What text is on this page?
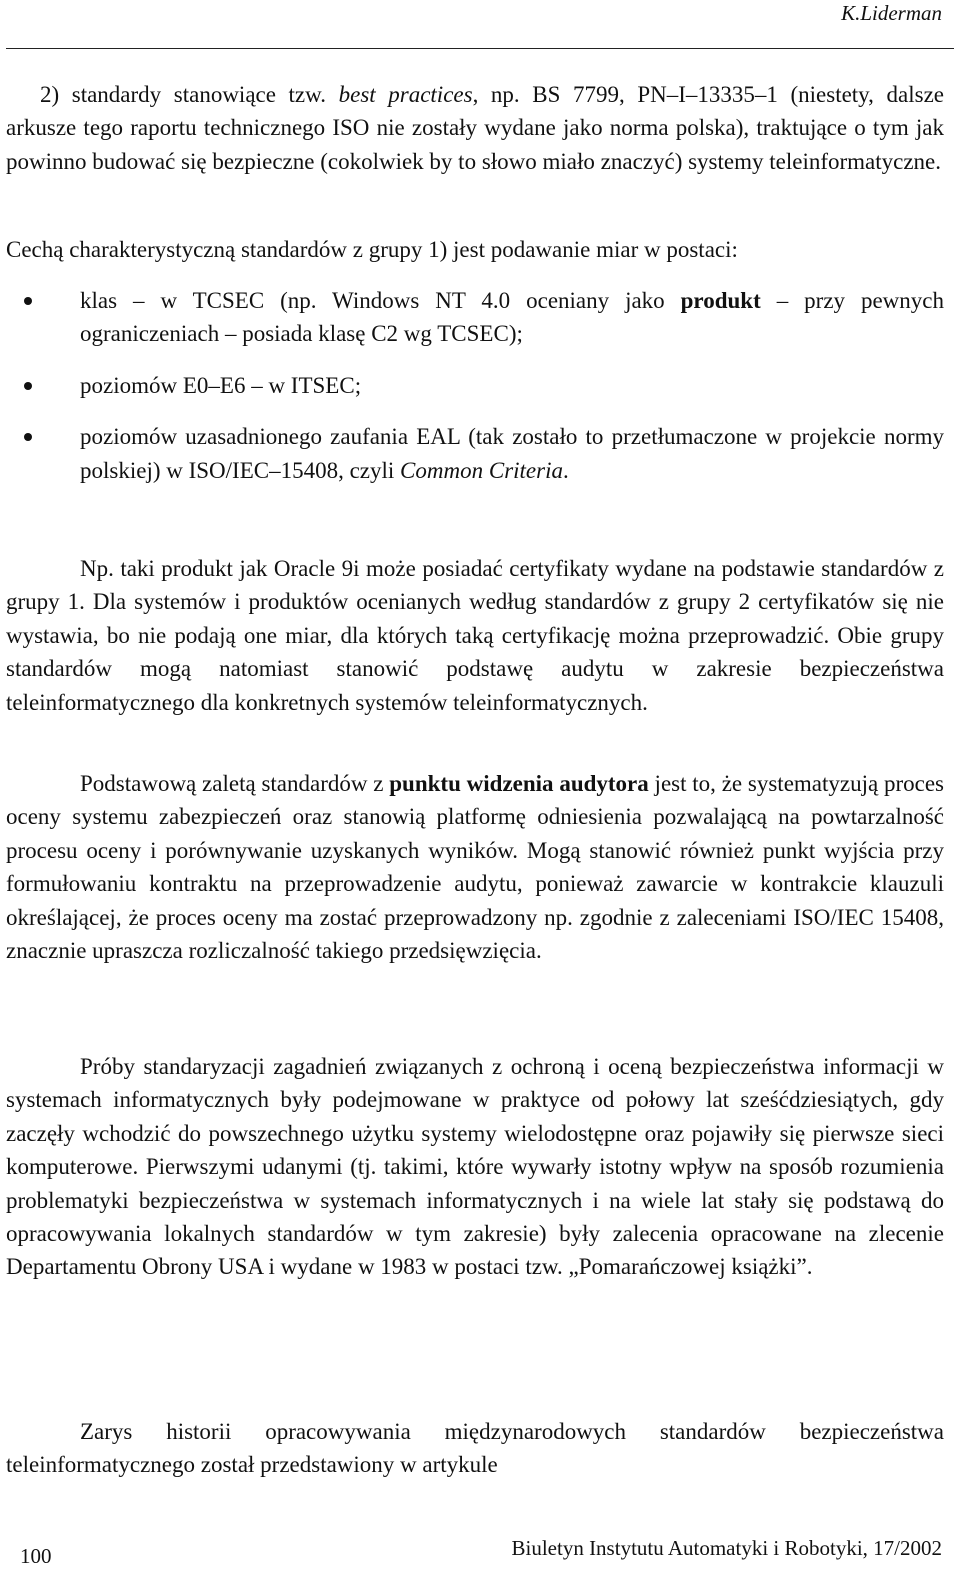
K.Liderman

2) standardy stanowiące tzw. best practices, np. BS 7799, PN–I–13335–1 (niestety, dalsze arkusze tego raportu technicznego ISO nie zostały wydane jako norma polska), traktujące o tym jak powinno budować się bezpieczne (cokolwiek by to słowo miało znaczyć) systemy teleinformatyczne.

Cechą charakterystyczną standardów z grupy 1) jest podawanie miar w postaci:

klas – w TCSEC (np. Windows NT 4.0 oceniany jako produkt – przy pewnych ograniczeniach – posiada klasę C2 wg TCSEC);
poziomów E0–E6 – w ITSEC;
poziomów uzasadnionego zaufania EAL (tak zostało to przetłumaczone w projekcie normy polskiej) w ISO/IEC–15408, czyli Common Criteria.

Np. taki produkt jak Oracle 9i może posiadać certyfikaty wydane na podstawie standardów z grupy 1. Dla systemów i produktów ocenianych według standardów z grupy 2 certyfikatów się nie wystawia, bo nie podają one miar, dla których taką certyfikację można przeprowadzić. Obie grupy standardów mogą natomiast stanowić podstawę audytu w zakresie bezpieczeństwa teleinformatycznego dla konkretnych systemów teleinformatycznych.

Podstawową zaletą standardów z punktu widzenia audytora jest to, że systematyzują proces oceny systemu zabezpieczeń oraz stanowią platformę odniesienia pozwalającą na powtarzalność procesu oceny i porównywanie uzyskanych wyników. Mogą stanowić również punkt wyjścia przy formułowaniu kontraktu na przeprowadzenie audytu, ponieważ zawarcie w kontrakcie klauzuli określającej, że proces oceny ma zostać przeprowadzony np. zgodnie z zaleceniami ISO/IEC 15408, znacznie upraszcza rozliczalność takiego przedsięwzięcia.

Próby standaryzacji zagadnień związanych z ochroną i oceną bezpieczeństwa informacji w systemach informatycznych były podejmowane w praktyce od połowy lat sześćdziesiątych, gdy zaczęły wchodzić do powszechnego użytku systemy wielodostępne oraz pojawiły się pierwsze sieci komputerowe. Pierwszymi udanymi (tj. takimi, które wywarły istotny wpływ na sposób rozumienia problematyki bezpieczeństwa w systemach informatycznych i na wiele lat stały się podstawą do opracowywania lokalnych standardów w tym zakresie) były zalecenia opracowane na zlecenie Departamentu Obrony USA i wydane w 1983 w postaci tzw. „Pomarańczowej książki”.

Zarys historii opracowywania międzynarodowych standardów bezpieczeństwa teleinformatycznego został przedstawiony w artykule

100	Biuletyn Instytutu Automatyki i Robotyki, 17/2002
